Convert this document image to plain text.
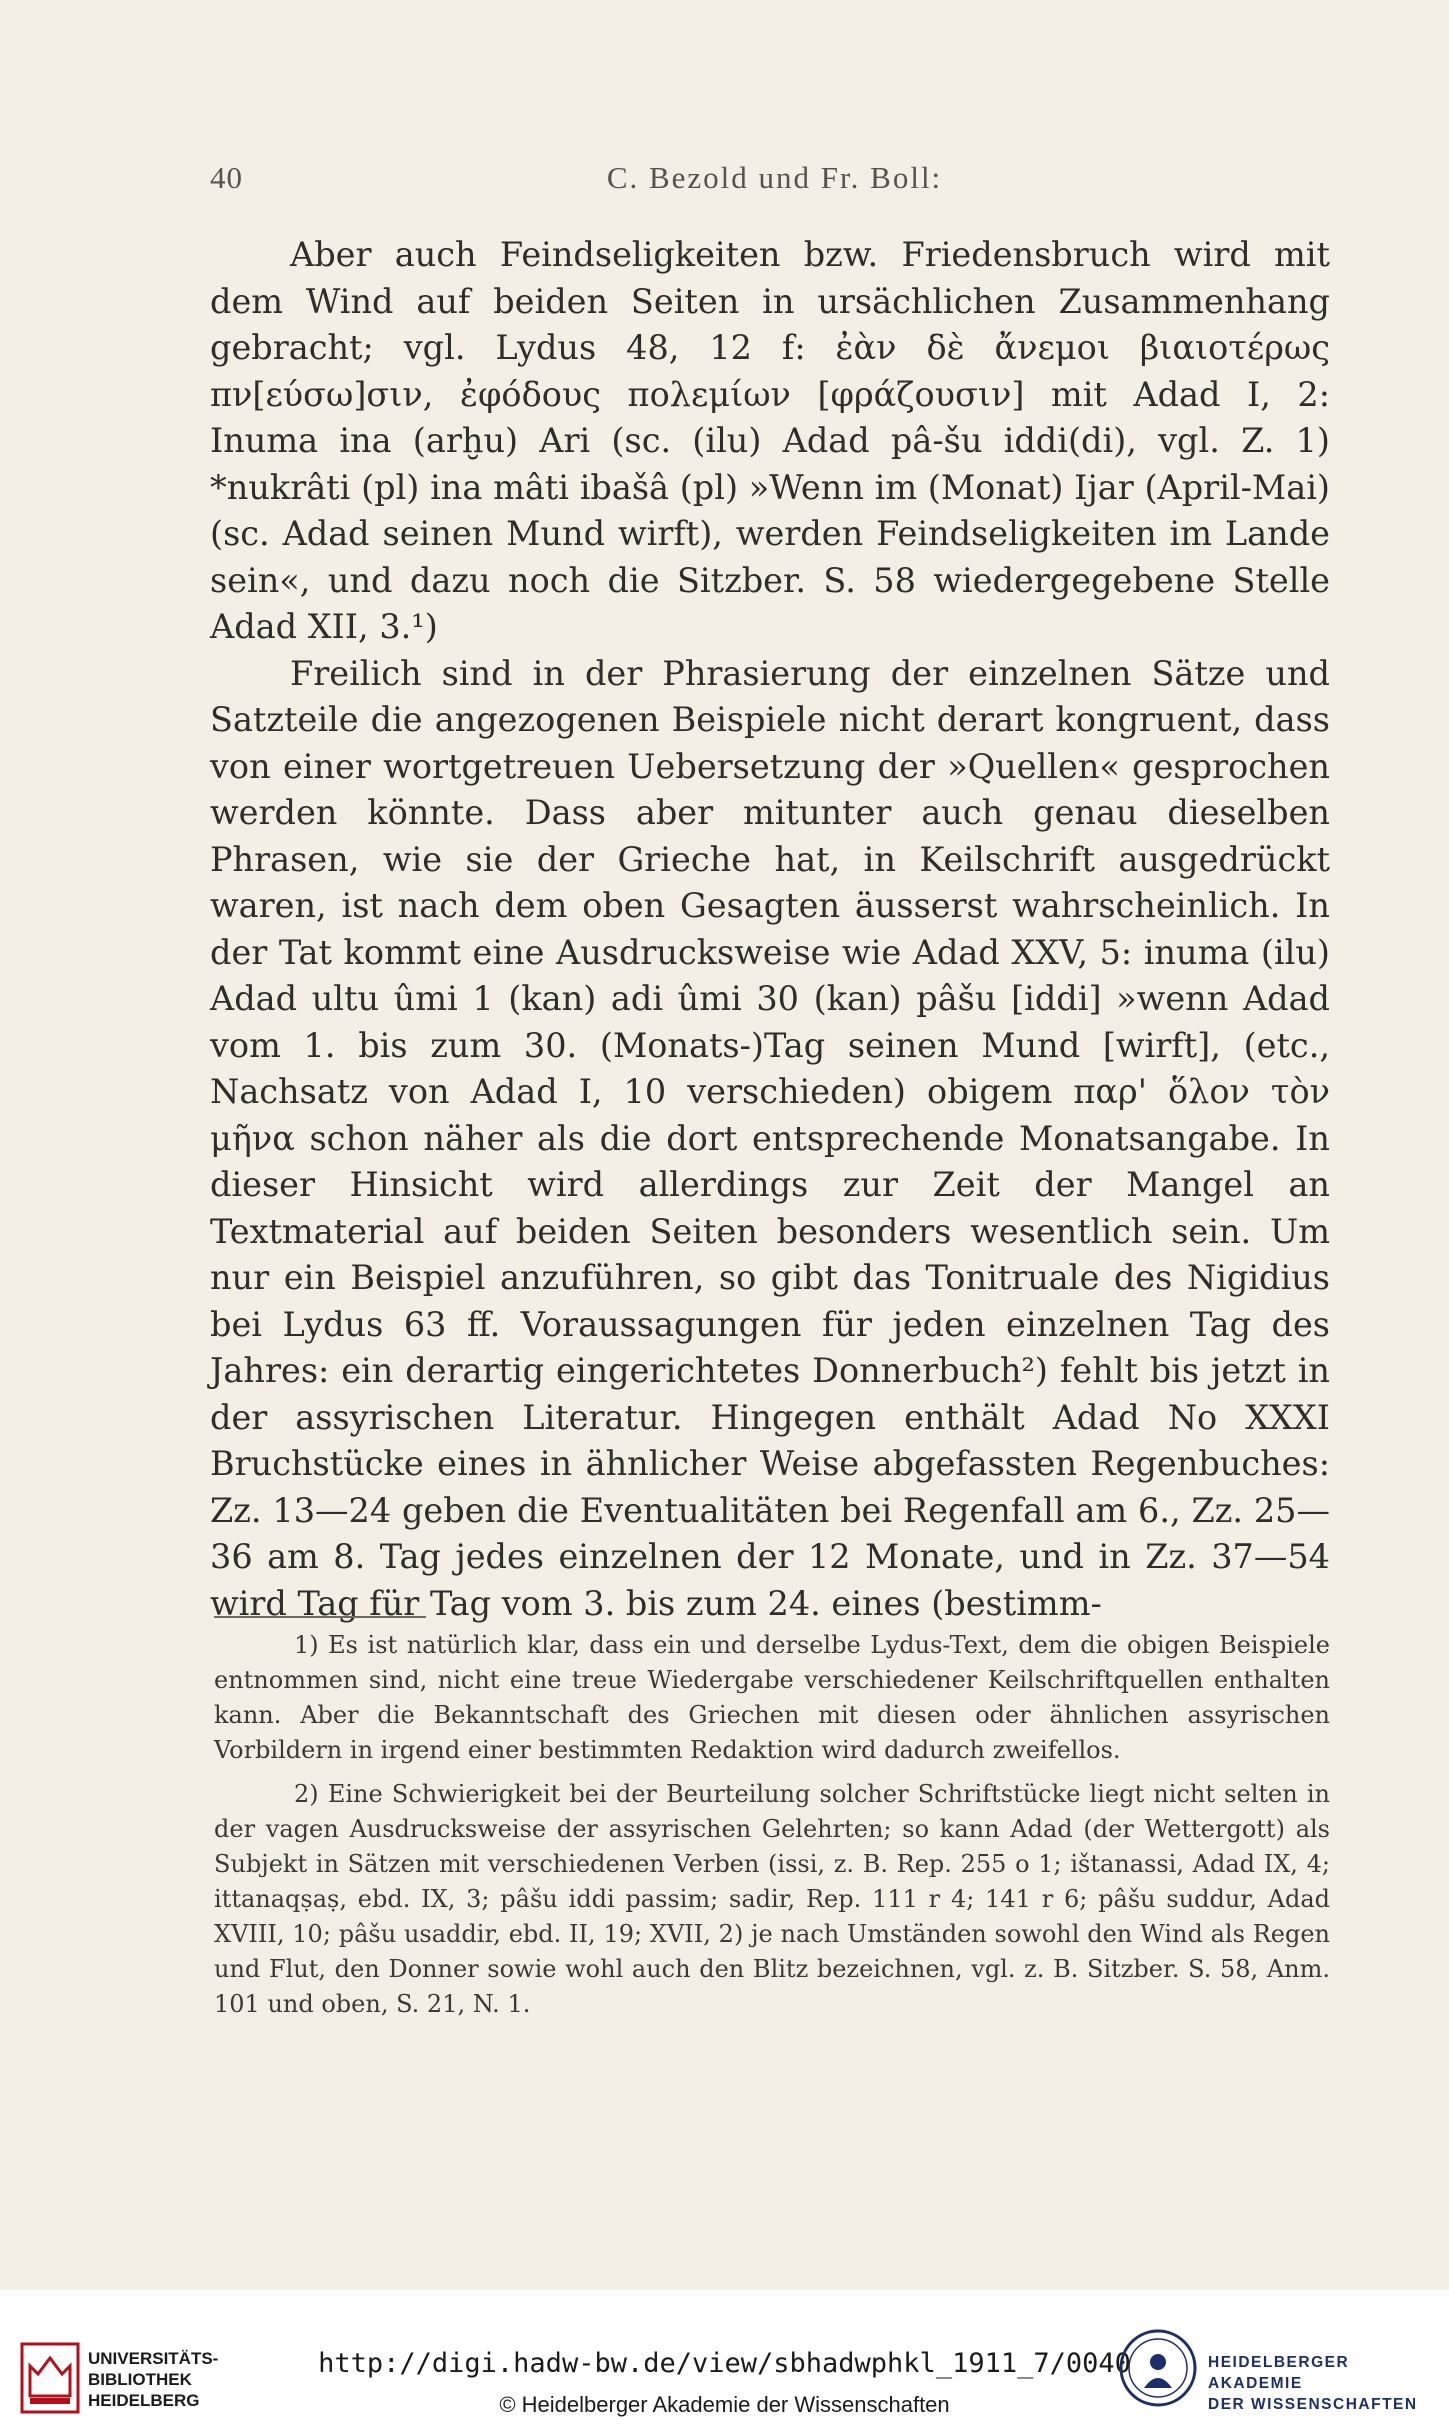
40	C. Bezold und Fr. Boll:

Aber auch Feindseligkeiten bzw. Friedensbruch wird mit dem Wind auf beiden Seiten in ursächlichen Zusammenhang gebracht; vgl. Lydus 48, 12 f: ἐὰν δὲ ἄνεμοι βιαιοτέρως πν[εύσω]σιν, ἐφόδους πολεμίων [φράζουσιν] mit Adad I, 2: Inuma ina (arḫu) Ari (sc. (ilu) Adad pâ-šu iddi(di), vgl. Z. 1) *nukrâti (pl) ina mâti ibašâ (pl) »Wenn im (Monat) Ijar (April-Mai) (sc. Adad seinen Mund wirft), werden Feindseligkeiten im Lande sein«, und dazu noch die Sitzber. S. 58 wiedergegebene Stelle Adad XII, 3.¹)

Freilich sind in der Phrasierung der einzelnen Sätze und Satzteile die angezogenen Beispiele nicht derart kongruent, dass von einer wortgetreuen Uebersetzung der »Quellen« gesprochen werden könnte. Dass aber mitunter auch genau dieselben Phrasen, wie sie der Grieche hat, in Keilschrift ausgedrückt waren, ist nach dem oben Gesagten äusserst wahrscheinlich. In der Tat kommt eine Ausdrucksweise wie Adad XXV, 5: inuma (ilu) Adad ultu ûmi 1 (kan) adi ûmi 30 (kan) pâšu [iddi] »wenn Adad vom 1. bis zum 30. (Monats-)Tag seinen Mund [wirft], (etc., Nachsatz von Adad I, 10 verschieden) obigem παρ' ὅλον τὸν μῆνα schon näher als die dort entsprechende Monatsangabe. In dieser Hinsicht wird allerdings zur Zeit der Mangel an Textmaterial auf beiden Seiten besonders wesentlich sein. Um nur ein Beispiel anzuführen, so gibt das Tonitruale des Nigidius bei Lydus 63 ff. Voraussagungen für jeden einzelnen Tag des Jahres: ein derartig eingerichtetes Donnerbuch²) fehlt bis jetzt in der assyrischen Literatur. Hingegen enthält Adad No XXXI Bruchstücke eines in ähnlicher Weise abgefassten Regenbuches: Zz. 13—24 geben die Eventualitäten bei Regenfall am 6., Zz. 25—36 am 8. Tag jedes einzelnen der 12 Monate, und in Zz. 37—54 wird Tag für Tag vom 3. bis zum 24. eines (bestimm-

1) Es ist natürlich klar, dass ein und derselbe Lydus-Text, dem die obigen Beispiele entnommen sind, nicht eine treue Wiedergabe verschiedener Keilschriftquellen enthalten kann. Aber die Bekanntschaft des Griechen mit diesen oder ähnlichen assyrischen Vorbildern in irgend einer bestimmten Redaktion wird dadurch zweifellos.

2) Eine Schwierigkeit bei der Beurteilung solcher Schriftstücke liegt nicht selten in der vagen Ausdrucksweise der assyrischen Gelehrten; so kann Adad (der Wettergott) als Subjekt in Sätzen mit verschiedenen Verben (issi, z. B. Rep. 255 o 1; ištanassi, Adad IX, 4; ittanaqṣaṣ, ebd. IX, 3; pâšu iddi passim; sadir, Rep. 111 r 4; 141 r 6; pâšu suddur, Adad XVIII, 10; pâšu usaddir, ebd. II, 19; XVII, 2) je nach Umständen sowohl den Wind als Regen und Flut, den Donner sowie wohl auch den Blitz bezeichnen, vgl. z. B. Sitzber. S. 58, Anm. 101 und oben, S. 21, N. 1.

UNIVERSITÄTS-
BIBLIOTHEK
HEIDELBERG
http://digi.hadw-bw.de/view/sbhadwphkl_1911_7/0040
© Heidelberger Akademie der Wissenschaften
HEIDELBERGER AKADEMIE
DER WISSENSCHAFTEN
